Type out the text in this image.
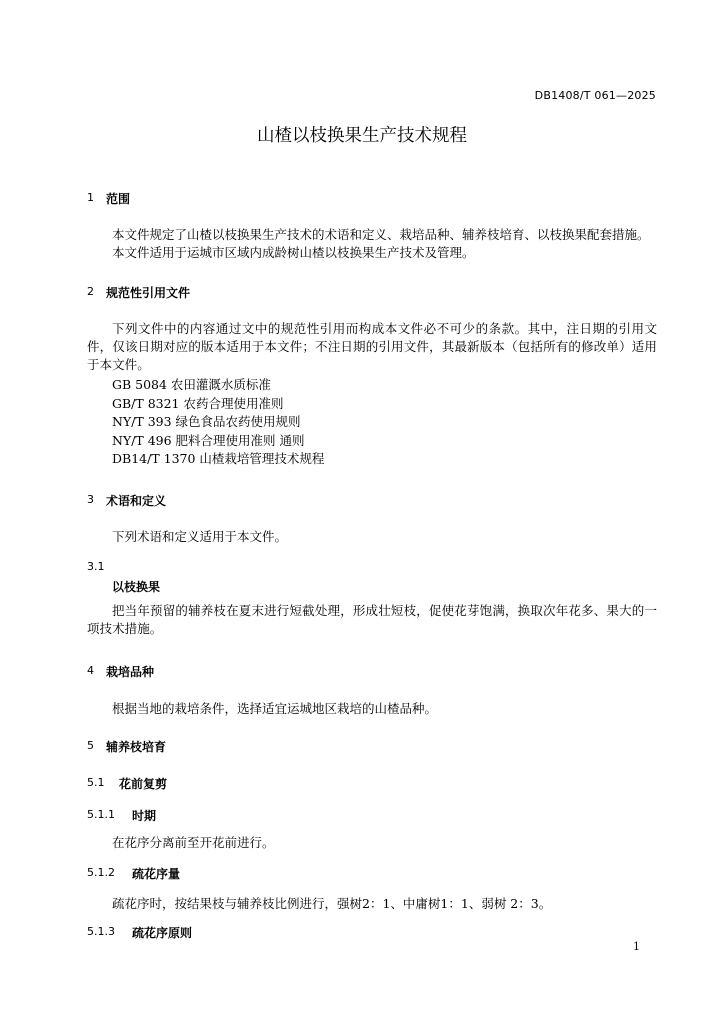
DB1408/T 061—2025
山楂以枝换果生产技术规程
1 范围
本文件规定了山楂以枝换果生产技术的术语和定义、栽培品种、辅养枝培育、以枝换果配套措施。
本文件适用于运城市区域内成龄树山楂以枝换果生产技术及管理。
2 规范性引用文件
下列文件中的内容通过文中的规范性引用而构成本文件必不可少的条款。其中，注日期的引用文件，仅该日期对应的版本适用于本文件；不注日期的引用文件，其最新版本（包括所有的修改单）适用于本文件。
GB 5084 农田灌溉水质标准
GB/T 8321 农药合理使用准则
NY/T 393 绿色食品农药使用规则
NY/T 496 肥料合理使用准则 通则
DB14/T 1370 山楂栽培管理技术规程
3 术语和定义
下列术语和定义适用于本文件。
3.1
以枝换果
把当年预留的辅养枝在夏末进行短截处理，形成壮短枝，促使花芽饱满，换取次年花多、果大的一项技术措施。
4 栽培品种
根据当地的栽培条件，选择适宜运城地区栽培的山楂品种。
5 辅养枝培育
5.1 花前复剪
5.1.1 时期
在花序分离前至开花前进行。
5.1.2 疏花序量
疏花序时，按结果枝与辅养枝比例进行，强树2：1、中庸树1：1、弱树 2：3。
5.1.3 疏花序原则
1
